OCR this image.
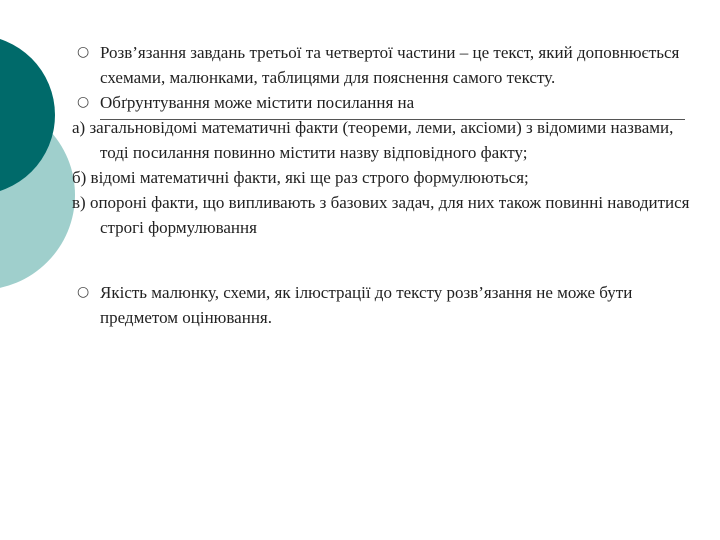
○ Розв’язання завдань третьої та четвертої частини – це текст, який доповнюється схемами, малюнками, таблицями для пояснення самого тексту.

○ Обґрунтування може містити посилання на

а) загальновідомі математичні факти (теореми, леми, аксіоми) з відомими назвами, тоді посилання повинно містити назву відповідного факту;

б) відомі математичні факти, які ще раз строго формулюються;

в) опороні факти, що випливають з базових задач, для них також повинні наводитися строгі формулювання

○ Якість малюнку, схеми, як ілюстрації до тексту розв’язання не може бути предметом оцінювання.
